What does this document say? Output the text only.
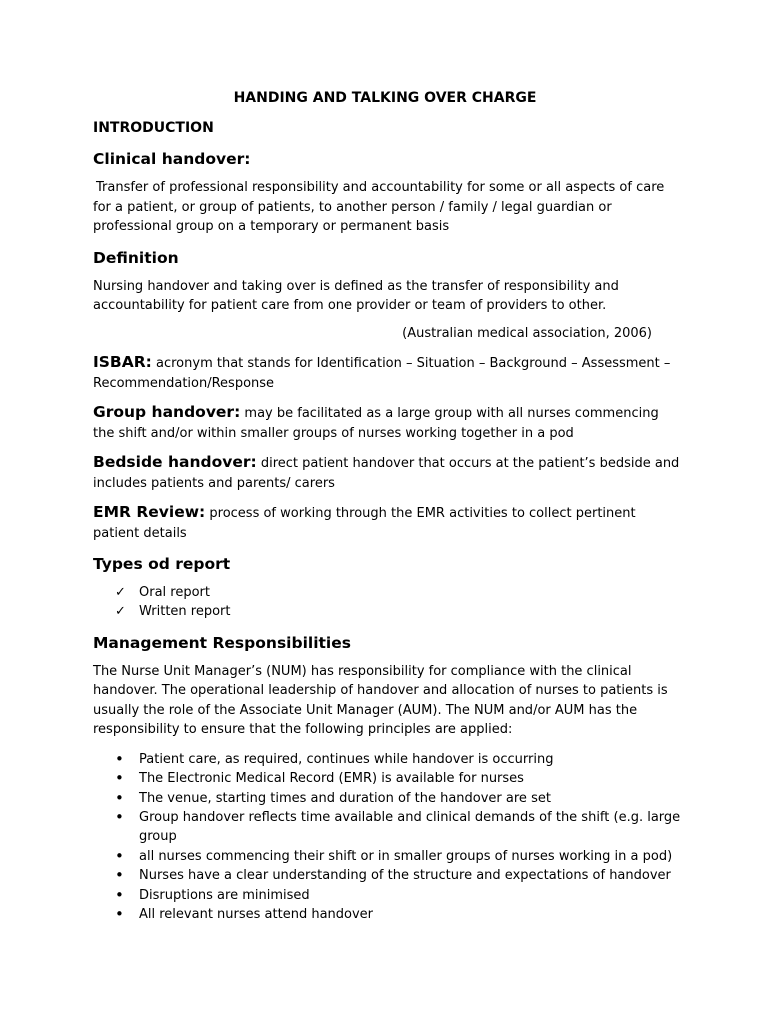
HANDING AND TALKING OVER CHARGE

INTRODUCTION

Clinical handover:

Transfer of professional responsibility and accountability for some or all aspects of care for a patient, or group of patients, to another person / family / legal guardian or professional group on a temporary or permanent basis

Definition

Nursing handover and taking over is defined as the transfer of responsibility and accountability for patient care from one provider or team of providers to other.

(Australian medical association, 2006)

ISBAR: acronym that stands for Identification – Situation – Background – Assessment – Recommendation/Response

Group handover: may be facilitated as a large group with all nurses commencing the shift and/or within smaller groups of nurses working together in a pod

Bedside handover: direct patient handover that occurs at the patient’s bedside and includes patients and parents/ carers

EMR Review: process of working through the EMR activities to collect pertinent patient details

Types od report

✓ Oral report
✓ Written report

Management Responsibilities

The Nurse Unit Manager’s (NUM) has responsibility for compliance with the clinical handover. The operational leadership of handover and allocation of nurses to patients is usually the role of the Associate Unit Manager (AUM). The NUM and/or AUM has the responsibility to ensure that the following principles are applied:

• Patient care, as required, continues while handover is occurring
• The Electronic Medical Record (EMR) is available for nurses
• The venue, starting times and duration of the handover are set
• Group handover reflects time available and clinical demands of the shift (e.g. large group
• all nurses commencing their shift or in smaller groups of nurses working in a pod)
• Nurses have a clear understanding of the structure and expectations of handover
• Disruptions are minimised
• All relevant nurses attend handover
